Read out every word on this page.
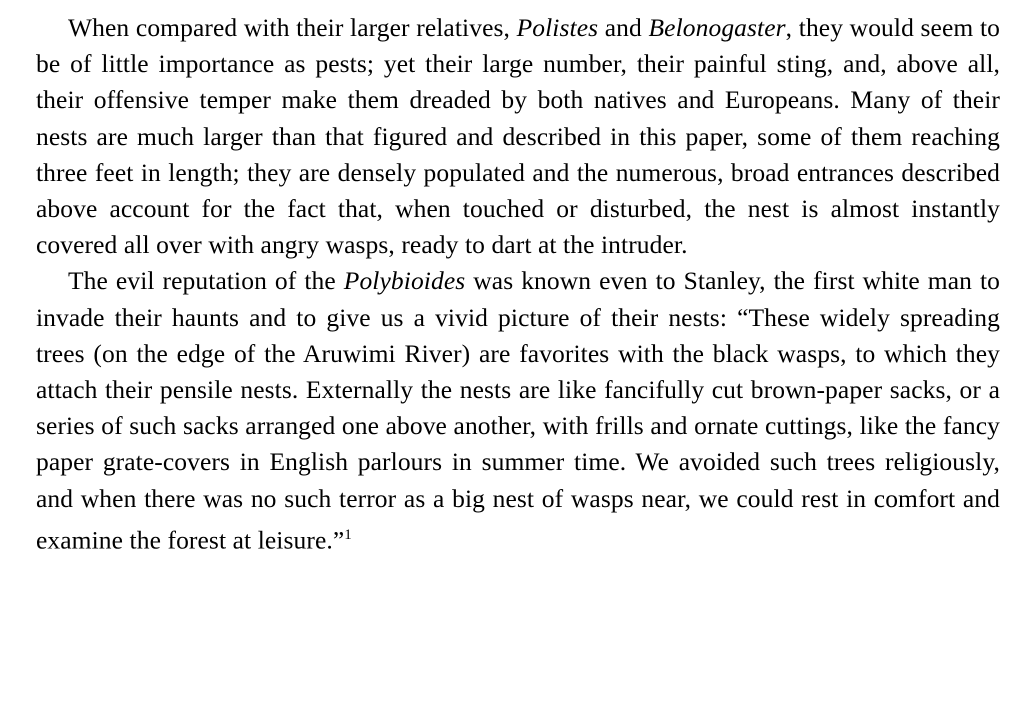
When compared with their larger relatives, Polistes and Belonogaster, they would seem to be of little importance as pests; yet their large number, their painful sting, and, above all, their offensive temper make them dreaded by both natives and Europeans. Many of their nests are much larger than that figured and described in this paper, some of them reaching three feet in length; they are densely populated and the numerous, broad entrances described above account for the fact that, when touched or disturbed, the nest is almost instantly covered all over with angry wasps, ready to dart at the intruder.

The evil reputation of the Polybioides was known even to Stanley, the first white man to invade their haunts and to give us a vivid picture of their nests: “These widely spreading trees (on the edge of the Aruwimi River) are favorites with the black wasps, to which they attach their pensile nests. Externally the nests are like fancifully cut brown-paper sacks, or a series of such sacks arranged one above another, with frills and ornate cuttings, like the fancy paper grate-covers in English parlours in summer time. We avoided such trees religiously, and when there was no such terror as a big nest of wasps near, we could rest in comfort and examine the forest at leisure.”$^1$
